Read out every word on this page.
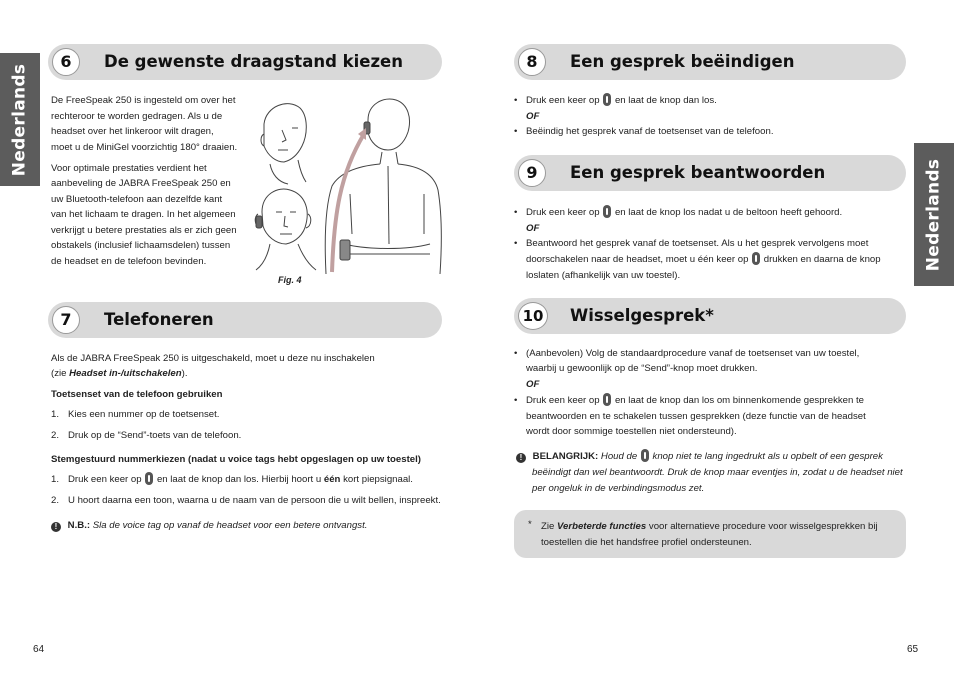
Nederlands
Nederlands
6	De gewenste draagstand kiezen

De FreeSpeak 250 is ingesteld om over het

rechteroor te worden gedragen. Als u de

headset over het linkeroor wilt dragen,

moet u de MiniGel voorzichtig 180° draaien.

Voor optimale prestaties verdient het

aanbeveling de JABRA FreeSpeak 250 en

uw Bluetooth-telefoon aan dezelfde kant

van het lichaam te dragen. In het algemeen

verkrijgt u betere prestaties als er zich geen

obstakels (inclusief lichaamsdelen) tussen

de headset en de telefoon bevinden.

Fig. 4

7	Telefoneren

Als de JABRA FreeSpeak 250 is uitgeschakeld, moet u deze nu inschakelen

(zie Headset in-/uitschakelen).

Toetsenset van de telefoon gebruiken

1. Kies een nummer op de toetsenset.

2. Druk op de “Send”-toets van de telefoon.

Stemgestuurd nummerkiezen (nadat u voice tags hebt opgeslagen op uw toestel)

1. Druk een keer op en laat de knop dan los. Hierbij hoort u één kort piepsignaal.

2. U hoort daarna een toon, waarna u de naam van de persoon die u wilt bellen, inspreekt.

! N.B.: Sla de voice tag op vanaf de headset voor een betere ontvangst.

64

8	Een gesprek beëindigen

• Druk een keer op en laat de knop dan los.

OF

• Beëindig het gesprek vanaf de toetsenset van de telefoon.

9	Een gesprek beantwoorden

• Druk een keer op en laat de knop los nadat u de beltoon heeft gehoord.

OF

• Beantwoord het gesprek vanaf de toetsenset. Als u het gesprek vervolgens moet

doorschakelen naar de headset, moet u één keer op drukken en daarna de knop

loslaten (afhankelijk van uw toestel).

10 Wisselgesprek*

• (Aanbevolen) Volg de standaardprocedure vanaf de toetsenset van uw toestel,

waarbij u gewoonlijk op de “Send”-knop moet drukken.

OF

• Druk een keer op en laat de knop dan los om binnenkomende gesprekken te

beantwoorden en te schakelen tussen gesprekken (deze functie van de headset

wordt door sommige toestellen niet ondersteund).

! BELANGRIJK: Houd de knop niet te lang ingedrukt als u opbelt of een gesprek

beëindigt dan wel beantwoordt. Druk de knop maar eventjes in, zodat u de headset niet

per ongeluk in de verbindingsmodus zet.

* Zie Verbeterde functies voor alternatieve procedure voor wisselgesprekken bij

toestellen die het handsfree profiel ondersteunen.

65
